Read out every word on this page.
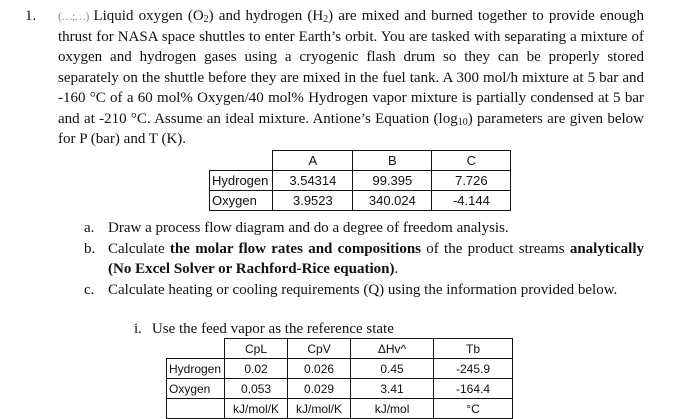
1. (…;…) Liquid oxygen $(O_2)$ and hydrogen $(H_2)$ are mixed and burned together to provide enough thrust for NASA space shuttles to enter Earth’s orbit. You are tasked with separating a mixture of oxygen and hydrogen gases using a cryogenic flash drum so they can be properly stored separately on the shuttle before they are mixed in the fuel tank. A 300 mol/h mixture at 5 bar and -160 °C of a 60 mol% Oxygen/40 mol% Hydrogen vapor mixture is partially condensed at 5 bar and at -210 °C. Assume an ideal mixture. Antione’s Equation $(\log_{10})$ parameters are given below for P (bar) and T (K).
	A	B	C
Hydrogen	3.54314	99.395	7.726
Oxygen	3.9523	340.024	-4.144
a. Draw a process flow diagram and do a degree of freedom analysis.
b. Calculate the molar flow rates and compositions of the product streams analytically (No Excel Solver or Rachford-Rice equation).
c. Calculate heating or cooling requirements (Q) using the information provided below.
i. Use the feed vapor as the reference state
	CpL	CpV	ΔHv^	Tb
Hydrogen	0.02	0.026	0.45	-245.9
Oxygen	0.053	0.029	3.41	-164.4
	kJ/mol/K	kJ/mol/K	kJ/mol	°C
